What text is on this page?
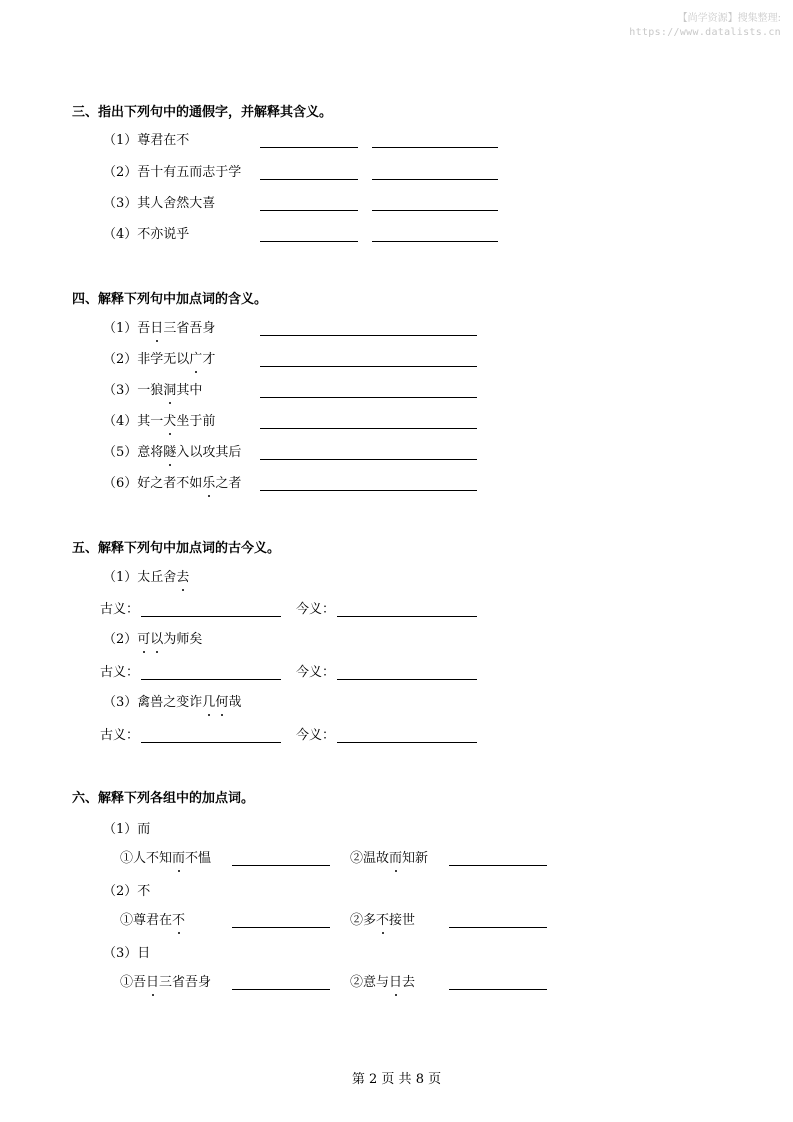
【尚学资源】搜集整理:
https://www.datalists.cn
三、指出下列句中的通假字，并解释其含义。
（1）尊君在不
（2）吾十有五而志于学
（3）其人舍然大喜
（4）不亦说乎
四、解释下列句中加点词的含义。
（1）吾日三省吾身
（2）非学无以广才
（3）一狼洞其中
（4）其一犬坐于前
（5）意将隧入以攻其后
（6）好之者不如乐之者
五、解释下列句中加点词的古今义。
（1）太丘舍去
古义：	今义：
（2）可以为师矣
古义：	今义：
（3）禽兽之变诈几何哉
古义：	今义：
六、解释下列各组中的加点词。
（1）而
①人不知而不愠	②温故而知新
（2）不
①尊君在不	②多不接世
（3）日
①吾日三省吾身	②意与日去
第 2 页 共 8 页
